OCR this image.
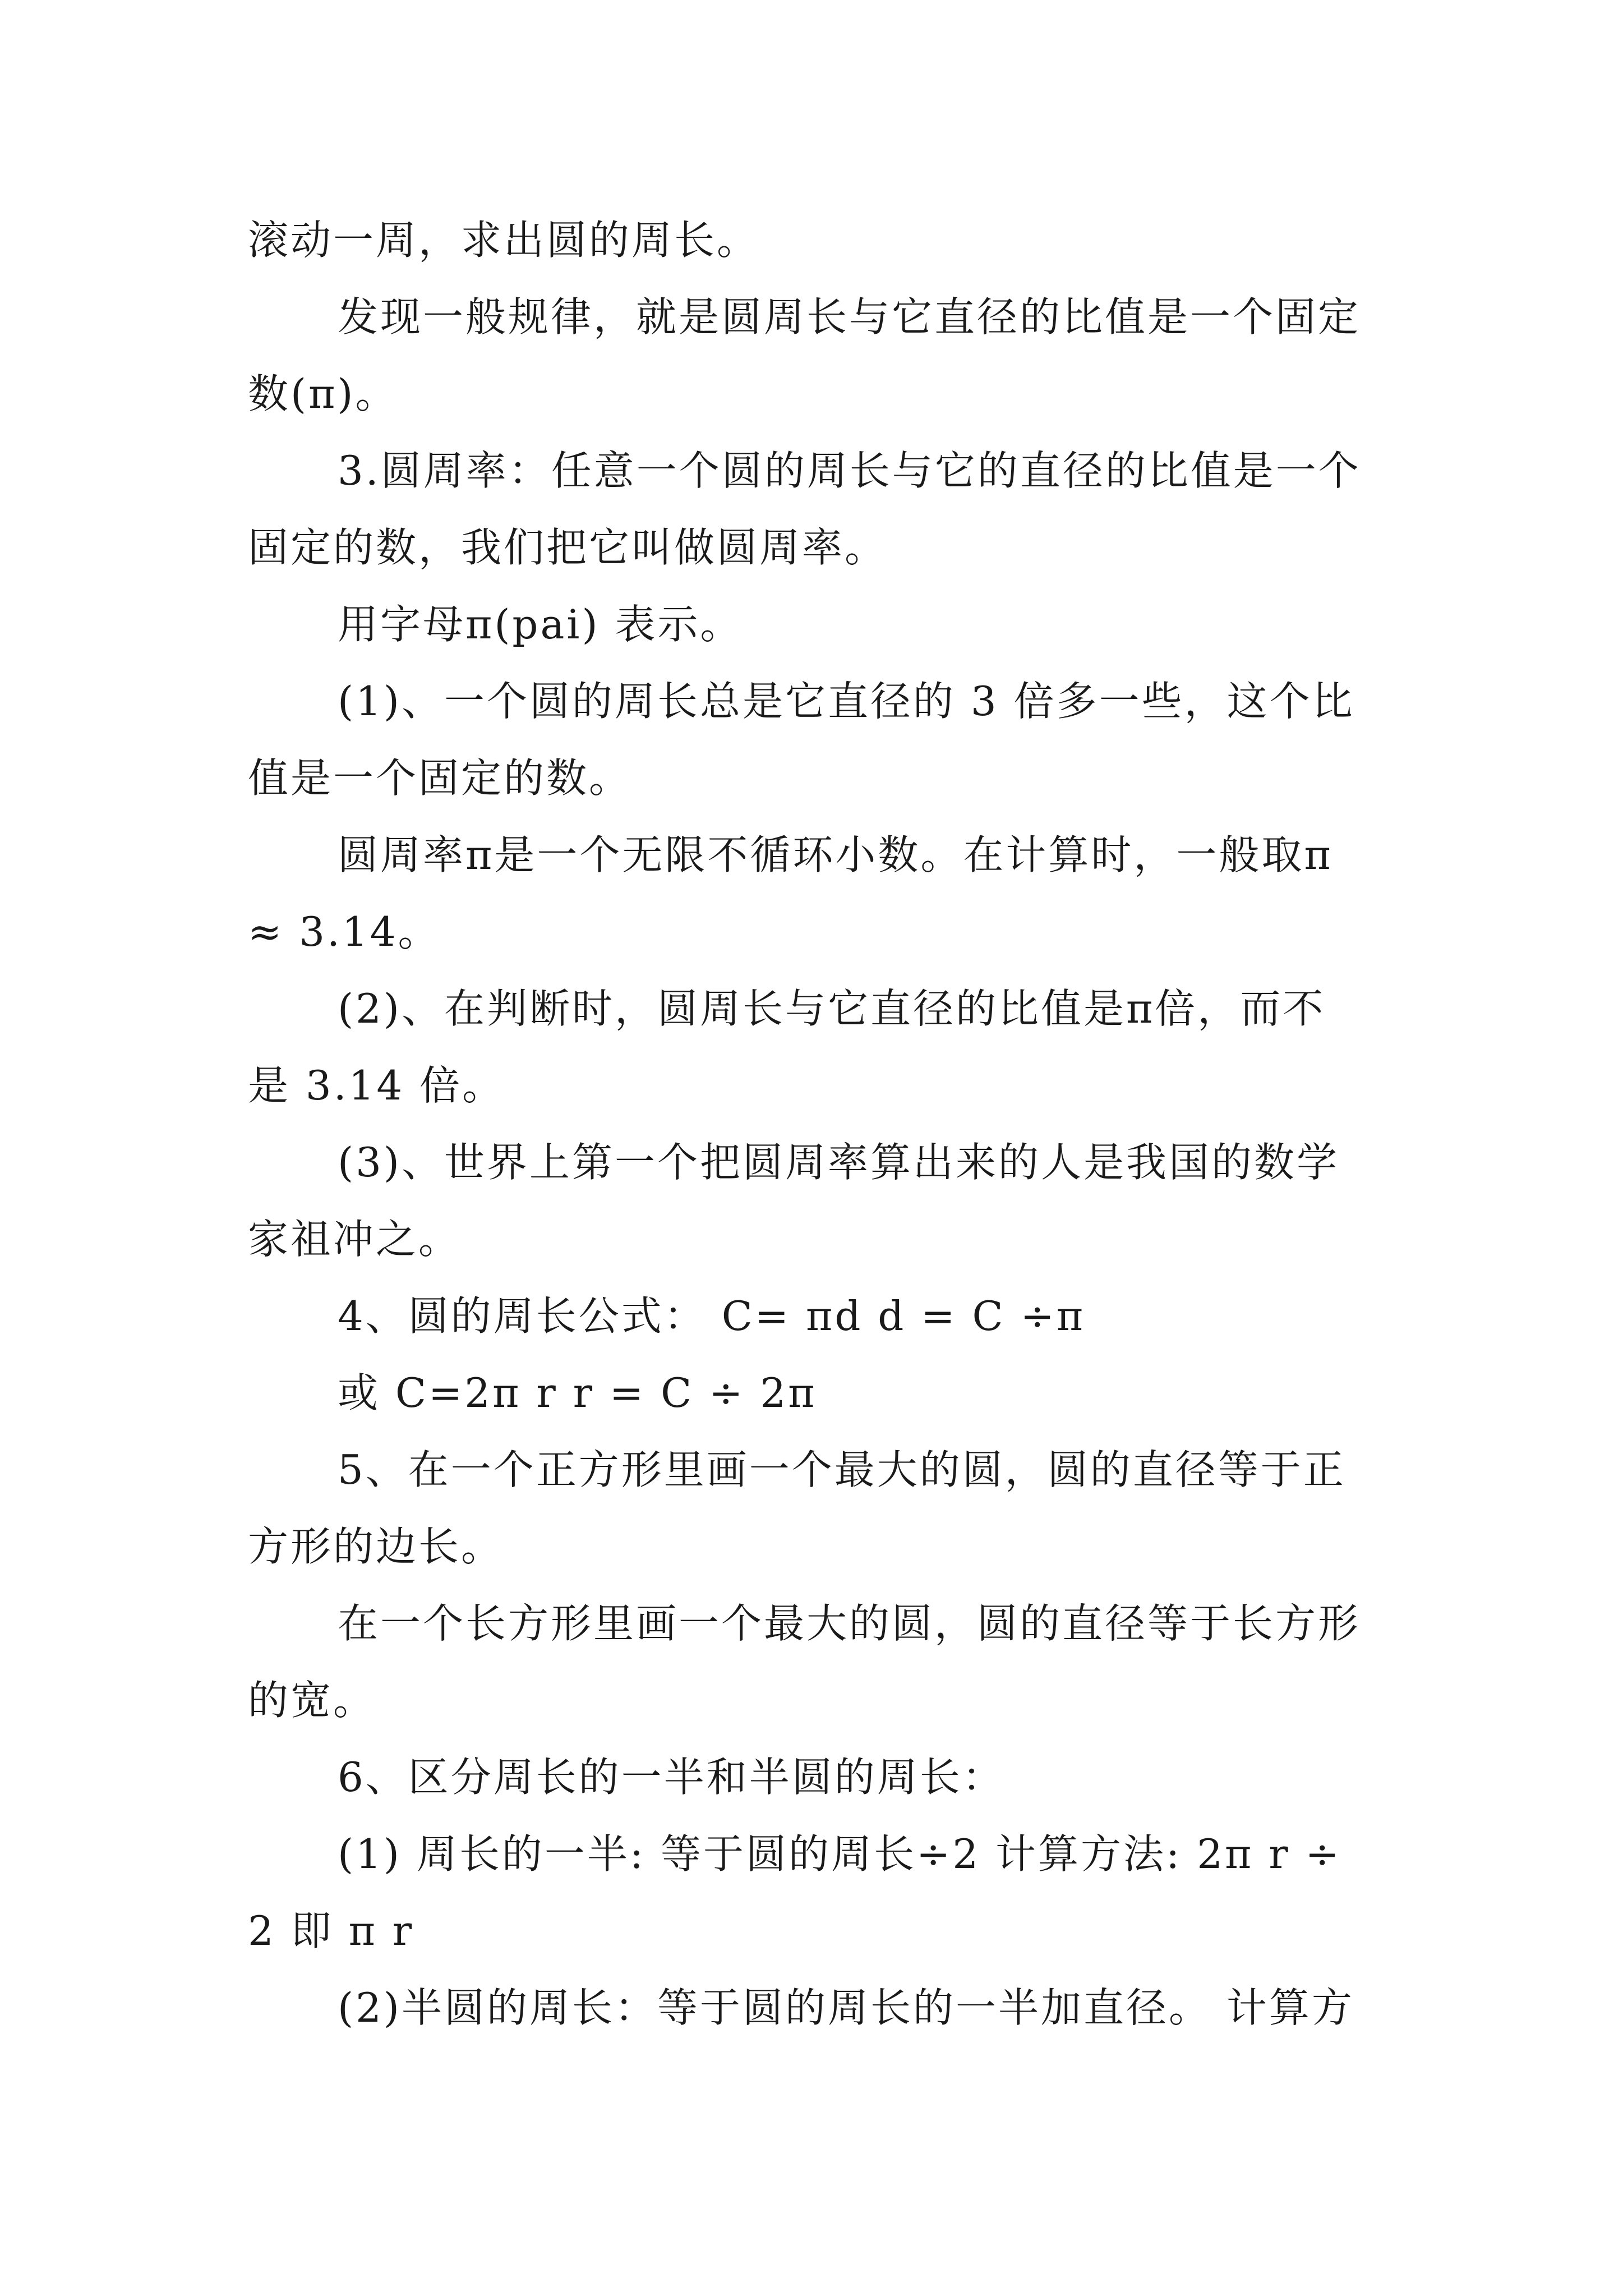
滚动一周，求出圆的周长。
发现一般规律，就是圆周长与它直径的比值是一个固定
数(π)。
3.圆周率：任意一个圆的周长与它的直径的比值是一个
固定的数，我们把它叫做圆周率。
用字母π(pai) 表示。
(1)、一个圆的周长总是它直径的 3 倍多一些，这个比
值是一个固定的数。
圆周率π是一个无限不循环小数。在计算时，一般取π
≈ 3.14。
(2)、在判断时，圆周长与它直径的比值是π倍，而不
是 3.14 倍。
(3)、世界上第一个把圆周率算出来的人是我国的数学
家祖冲之。
4、圆的周长公式： C= πd d = C ÷π
或 C=2π r r = C ÷ 2π
5、在一个正方形里画一个最大的圆，圆的直径等于正
方形的边长。
在一个长方形里画一个最大的圆，圆的直径等于长方形
的宽。
6、区分周长的一半和半圆的周长：
(1) 周长的一半: 等于圆的周长÷2 计算方法: 2π r ÷
2 即 π r
(2)半圆的周长：等于圆的周长的一半加直径。 计算方
